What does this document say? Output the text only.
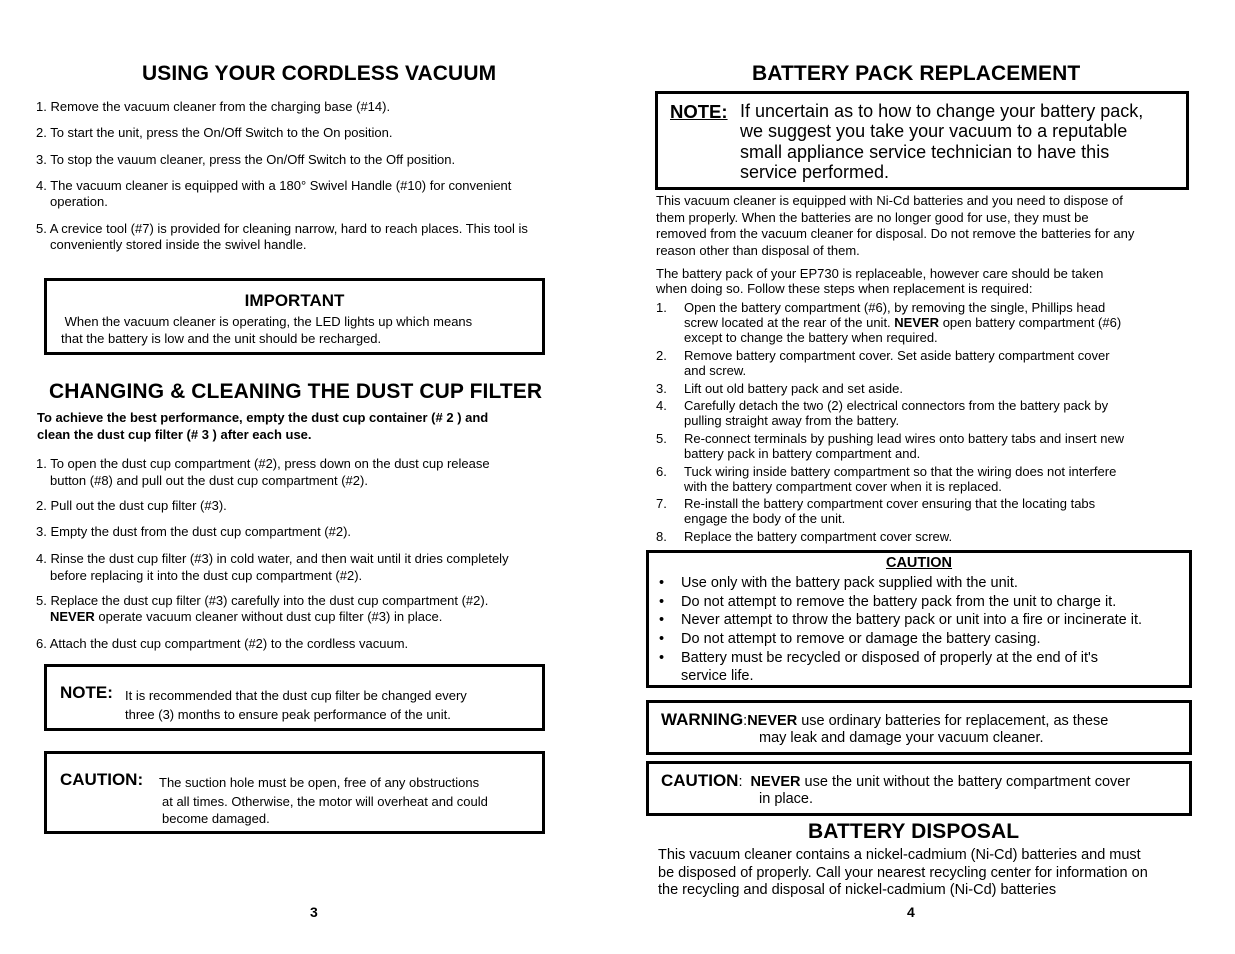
USING YOUR CORDLESS VACUUM
1. Remove the vacuum cleaner from the charging base (#14).
2. To start the unit, press the On/Off Switch to the On position.
3. To stop the vauum cleaner, press the On/Off Switch to the Off position.
4. The vacuum cleaner is equipped with a 180° Swivel Handle (#10) for convenient
operation.
5. A crevice tool (#7) is provided for cleaning narrow, hard to reach places. This tool is
conveniently stored inside the swivel handle.
IMPORTANT
When the vacuum cleaner is operating, the LED lights up which means
that the battery is low and the unit should be recharged.
CHANGING & CLEANING THE DUST CUP FILTER
To achieve the best performance, empty the dust cup container (# 2 ) and
clean the dust cup filter (# 3 ) after each use.
1. To open the dust cup compartment (#2), press down on the dust cup release
button (#8) and pull out the dust cup compartment (#2).
2. Pull out the dust cup filter (#3).
3. Empty the dust from the dust cup compartment (#2).
4. Rinse the dust cup filter (#3) in cold water, and then wait until it dries completely
before replacing it into the dust cup compartment (#2).
5. Replace the dust cup filter (#3) carefully into the dust cup compartment (#2).
NEVER operate vacuum cleaner without dust cup filter (#3) in place.
6. Attach the dust cup compartment (#2) to the cordless vacuum.
NOTE: It is recommended that the dust cup filter be changed every
three (3) months to ensure peak performance of the unit.
CAUTION: The suction hole must be open, free of any obstructions
at all times. Otherwise, the motor will overheat and could
become damaged.
3
BATTERY PACK REPLACEMENT
NOTE: If uncertain as to how to change your battery pack,
we suggest you take your vacuum to a reputable
small appliance service technician to have this
service performed.
This vacuum cleaner is equipped with Ni-Cd batteries and you need to dispose of
them properly. When the batteries are no longer good for use, they must be
removed from the vacuum cleaner for disposal. Do not remove the batteries for any
reason other than disposal of them.
The battery pack of your EP730 is replaceable, however care should be taken
when doing so. Follow these steps when replacement is required:
1. Open the battery compartment (#6), by removing the single, Phillips head
screw located at the rear of the unit. NEVER open battery compartment (#6)
except to change the battery when required.
2. Remove battery compartment cover. Set aside battery compartment cover
and screw.
3. Lift out old battery pack and set aside.
4. Carefully detach the two (2) electrical connectors from the battery pack by
pulling straight away from the battery.
5. Re-connect terminals by pushing lead wires onto battery tabs and insert new
battery pack in battery compartment and.
6. Tuck wiring inside battery compartment so that the wiring does not interfere
with the battery compartment cover when it is replaced.
7. Re-install the battery compartment cover ensuring that the locating tabs
engage the body of the unit.
8. Replace the battery compartment cover screw.
CAUTION
• Use only with the battery pack supplied with the unit.
• Do not attempt to remove the battery pack from the unit to charge it.
• Never attempt to throw the battery pack or unit into a fire or incinerate it.
• Do not attempt to remove or damage the battery casing.
• Battery must be recycled or disposed of properly at the end of it's
service life.
WARNING:NEVER use ordinary batteries for replacement, as these
may leak and damage your vacuum cleaner.
CAUTION: NEVER use the unit without the battery compartment cover
in place.
BATTERY DISPOSAL
This vacuum cleaner contains a nickel-cadmium (Ni-Cd) batteries and must
be disposed of properly. Call your nearest recycling center for information on
the recycling and disposal of nickel-cadmium (Ni-Cd) batteries
4
